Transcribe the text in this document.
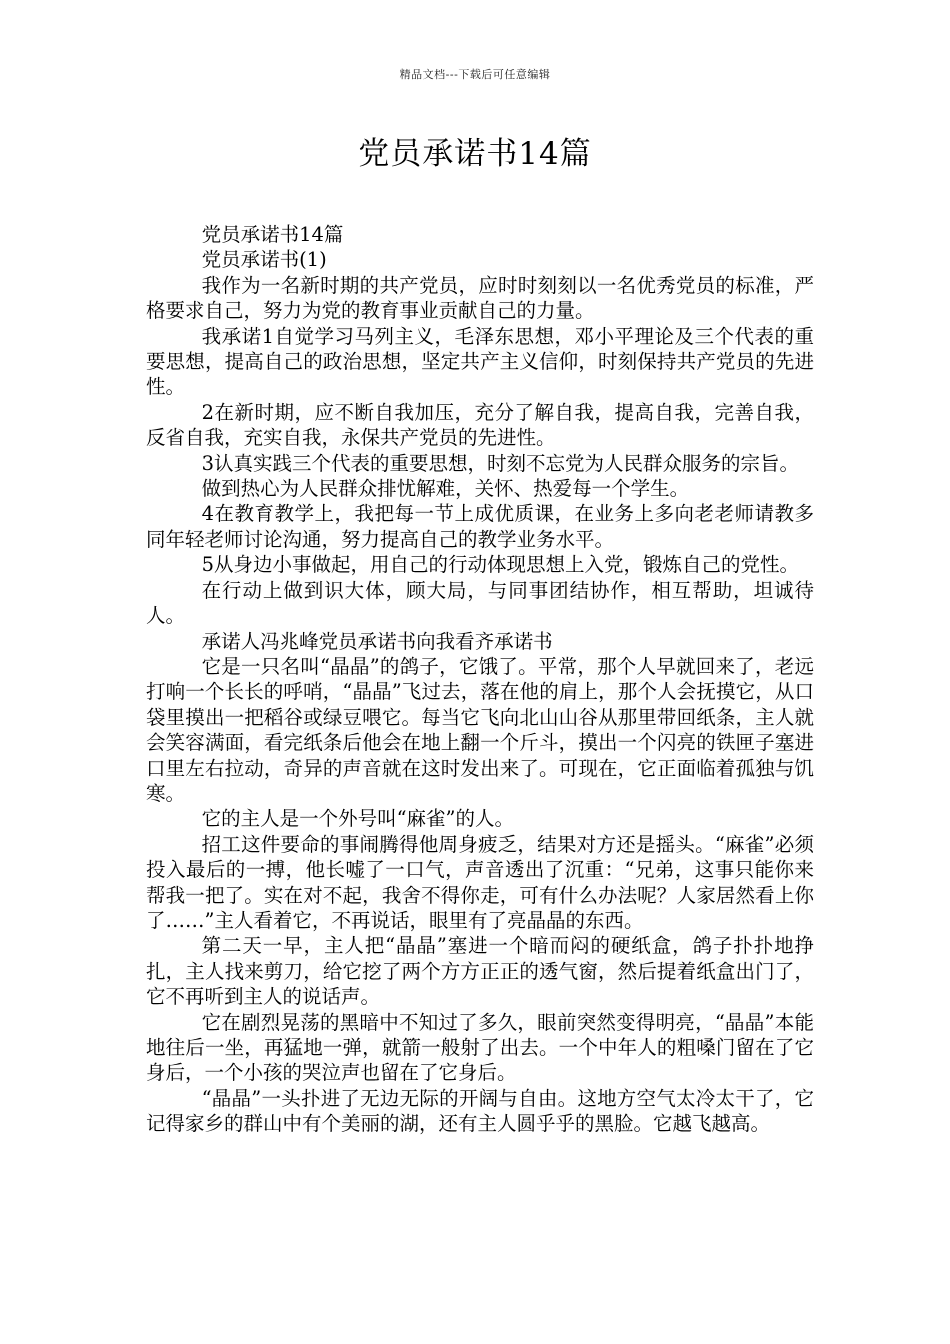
精品文档---下载后可任意编辑
党员承诺书14篇

党员承诺书14篇

党员承诺书(1)

我作为一名新时期的共产党员，应时时刻刻以一名优秀党员的标准，严格要求自己，努力为党的教育事业贡献自己的力量。

我承诺1自觉学习马列主义，毛泽东思想，邓小平理论及三个代表的重要思想，提高自己的政治思想，坚定共产主义信仰，时刻保持共产党员的先进性。

2在新时期，应不断自我加压，充分了解自我，提高自我，完善自我，反省自我，充实自我，永保共产党员的先进性。

3认真实践三个代表的重要思想，时刻不忘党为人民群众服务的宗旨。

做到热心为人民群众排忧解难，关怀、热爱每一个学生。

4在教育教学上，我把每一节上成优质课，在业务上多向老老师请教多同年轻老师讨论沟通，努力提高自己的教学业务水平。

5从身边小事做起，用自己的行动体现思想上入党，锻炼自己的党性。

在行动上做到识大体，顾大局，与同事团结协作，相互帮助，坦诚待人。

承诺人冯兆峰党员承诺书向我看齐承诺书

它是一只名叫“晶晶”的鸽子，它饿了。平常，那个人早就回来了，老远打响一个长长的呼哨，“晶晶”飞过去，落在他的肩上，那个人会抚摸它，从口袋里摸出一把稻谷或绿豆喂它。每当它飞向北山山谷从那里带回纸条，主人就会笑容满面，看完纸条后他会在地上翻一个斤斗，摸出一个闪亮的铁匣子塞进口里左右拉动，奇异的声音就在这时发出来了。可现在，它正面临着孤独与饥寒。

它的主人是一个外号叫“麻雀”的人。

招工这件要命的事闹腾得他周身疲乏，结果对方还是摇头。“麻雀”必须投入最后的一搏，他长嘘了一口气，声音透出了沉重：“兄弟，这事只能你来帮我一把了。实在对不起，我舍不得你走，可有什么办法呢？人家居然看上你了……”主人看着它，不再说话，眼里有了亮晶晶的东西。

第二天一早，主人把“晶晶”塞进一个暗而闷的硬纸盒，鸽子扑扑地挣扎，主人找来剪刀，给它挖了两个方方正正的透气窗，然后提着纸盒出门了，它不再听到主人的说话声。

它在剧烈晃荡的黑暗中不知过了多久，眼前突然变得明亮，“晶晶”本能地往后一坐，再猛地一弹，就箭一般射了出去。一个中年人的粗嗓门留在了它身后，一个小孩的哭泣声也留在了它身后。

“晶晶”一头扑进了无边无际的开阔与自由。这地方空气太冷太干了，它记得家乡的群山中有个美丽的湖，还有主人圆乎乎的黑脸。它越飞越高。
